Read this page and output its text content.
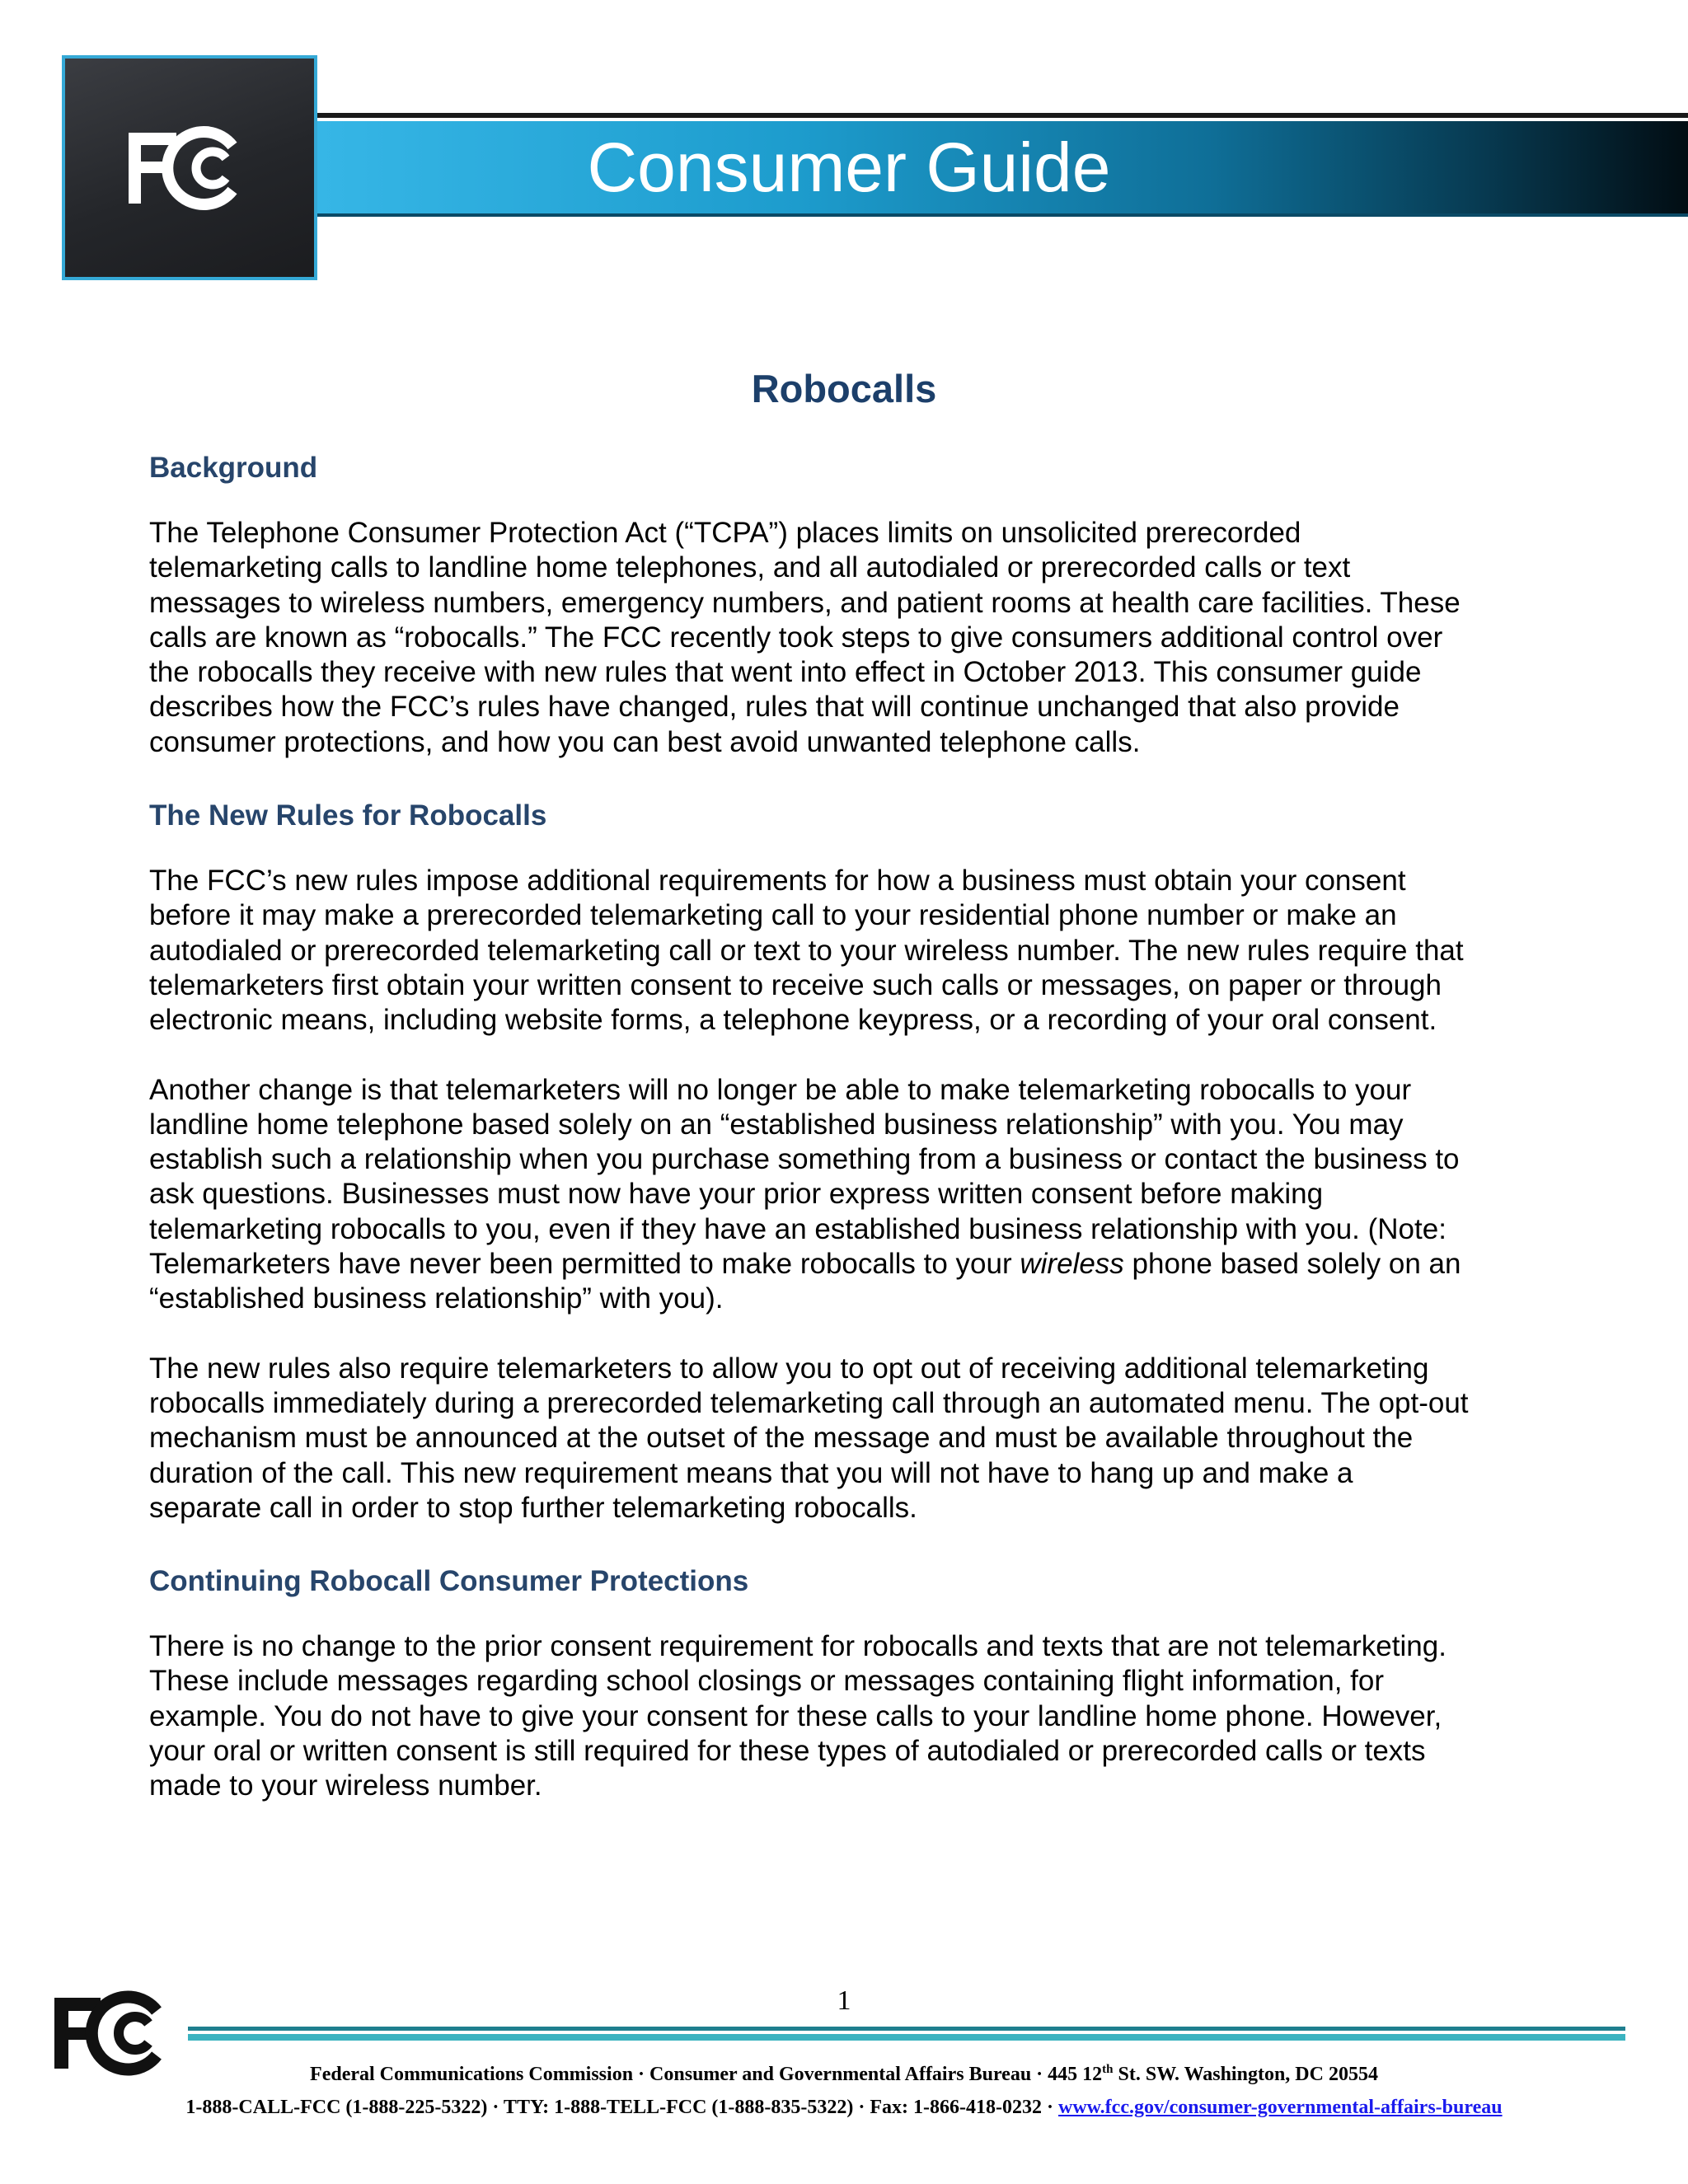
Consumer Guide
Robocalls
Background

The Telephone Consumer Protection Act (“TCPA”) places limits on unsolicited prerecorded
telemarketing calls to landline home telephones, and all autodialed or prerecorded calls or text
messages to wireless numbers, emergency numbers, and patient rooms at health care facilities. These
calls are known as “robocalls.” The FCC recently took steps to give consumers additional control over
the robocalls they receive with new rules that went into effect in October 2013. This consumer guide
describes how the FCC’s rules have changed, rules that will continue unchanged that also provide
consumer protections, and how you can best avoid unwanted telephone calls.

The New Rules for Robocalls

The FCC’s new rules impose additional requirements for how a business must obtain your consent
before it may make a prerecorded telemarketing call to your residential phone number or make an
autodialed or prerecorded telemarketing call or text to your wireless number. The new rules require that
telemarketers first obtain your written consent to receive such calls or messages, on paper or through
electronic means, including website forms, a telephone keypress, or a recording of your oral consent.

Another change is that telemarketers will no longer be able to make telemarketing robocalls to your
landline home telephone based solely on an “established business relationship” with you. You may
establish such a relationship when you purchase something from a business or contact the business to
ask questions. Businesses must now have your prior express written consent before making
telemarketing robocalls to you, even if they have an established business relationship with you. (Note:
Telemarketers have never been permitted to make robocalls to your wireless phone based solely on an
“established business relationship” with you).

The new rules also require telemarketers to allow you to opt out of receiving additional telemarketing
robocalls immediately during a prerecorded telemarketing call through an automated menu. The opt-out
mechanism must be announced at the outset of the message and must be available throughout the
duration of the call. This new requirement means that you will not have to hang up and make a
separate call in order to stop further telemarketing robocalls.

Continuing Robocall Consumer Protections

There is no change to the prior consent requirement for robocalls and texts that are not telemarketing.
These include messages regarding school closings or messages containing flight information, for
example. You do not have to give your consent for these calls to your landline home phone. However,
your oral or written consent is still required for these types of autodialed or prerecorded calls or texts
made to your wireless number.

1
Federal Communications Commission · Consumer and Governmental Affairs Bureau · 445 12th St. SW. Washington, DC 20554
1-888-CALL-FCC (1-888-225-5322) · TTY: 1-888-TELL-FCC (1-888-835-5322) · Fax: 1-866-418-0232 · www.fcc.gov/consumer-governmental-affairs-bureau
